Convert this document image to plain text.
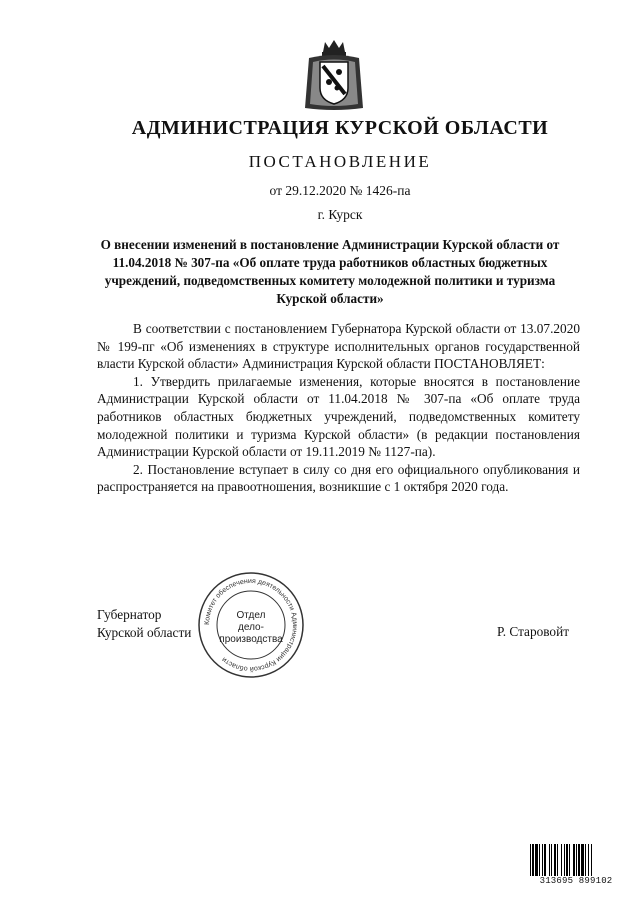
АДМИНИСТРАЦИЯ КУРСКОЙ ОБЛАСТИ
ПОСТАНОВЛЕНИЕ
от 29.12.2020 № 1426-па
г. Курск
О внесении изменений в постановление Администрации Курской области от 11.04.2018 № 307-па «Об оплате труда работников областных бюджетных учреждений, подведомственных комитету молодежной политики и туризма Курской области»

В соответствии с постановлением Губернатора Курской области от 13.07.2020 № 199-пг «Об изменениях в структуре исполнительных органов государственной власти Курской области» Администрация Курской области ПОСТАНОВЛЯЕТ:

1. Утвердить прилагаемые изменения, которые вносятся в постановление Администрации Курской области от 11.04.2018 № 307-па «Об оплате труда работников областных бюджетных учреждений, подведомственных комитету молодежной политики и туризма Курской области» (в редакции постановления Администрации Курской области от 19.11.2019 № 1127-па).

2. Постановление вступает в силу со дня его официального опубликования и распространяется на правоотношения, возникшие с 1 октября 2020 года.

Губернатор
Курской области	Р. Старовойт
Комитет обеспечения деятельности Администрации Курской области
Отдел
дело-
производства
313695 899102
